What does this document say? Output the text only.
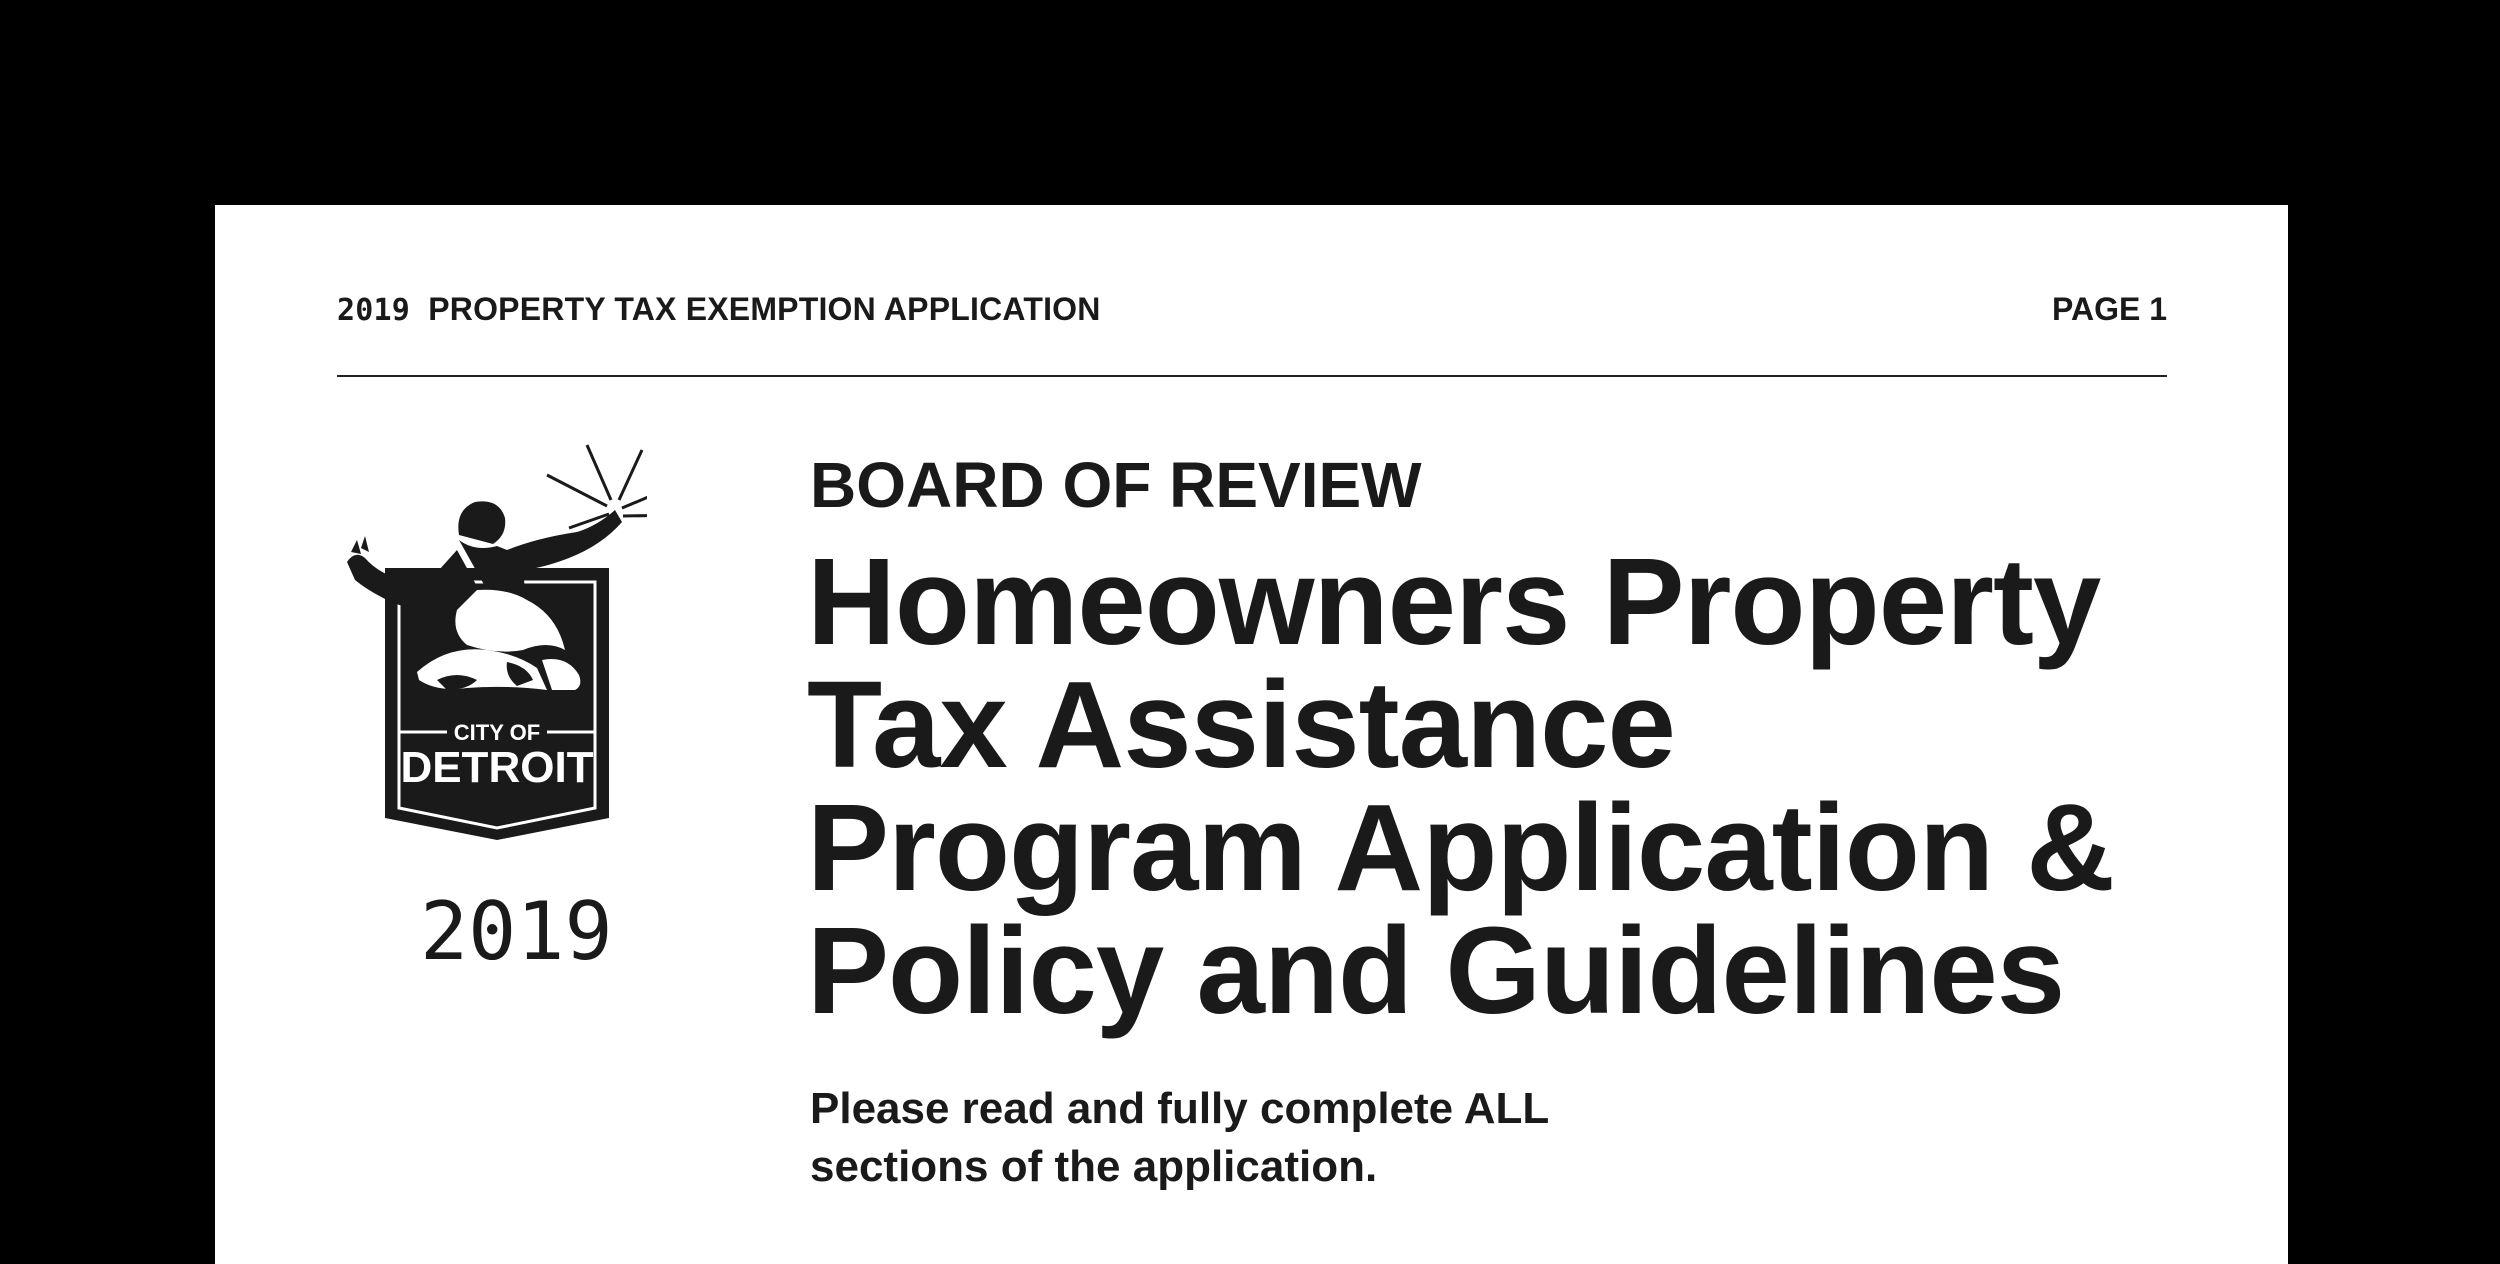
2019 PROPERTY TAX EXEMPTION APPLICATION	PAGE 1
CITY OF
DETROIT
2019
BOARD OF REVIEW
Homeowners Property
Tax Assistance
Program Application &
Policy and Guidelines
Please read and fully complete ALL
sections of the application.
